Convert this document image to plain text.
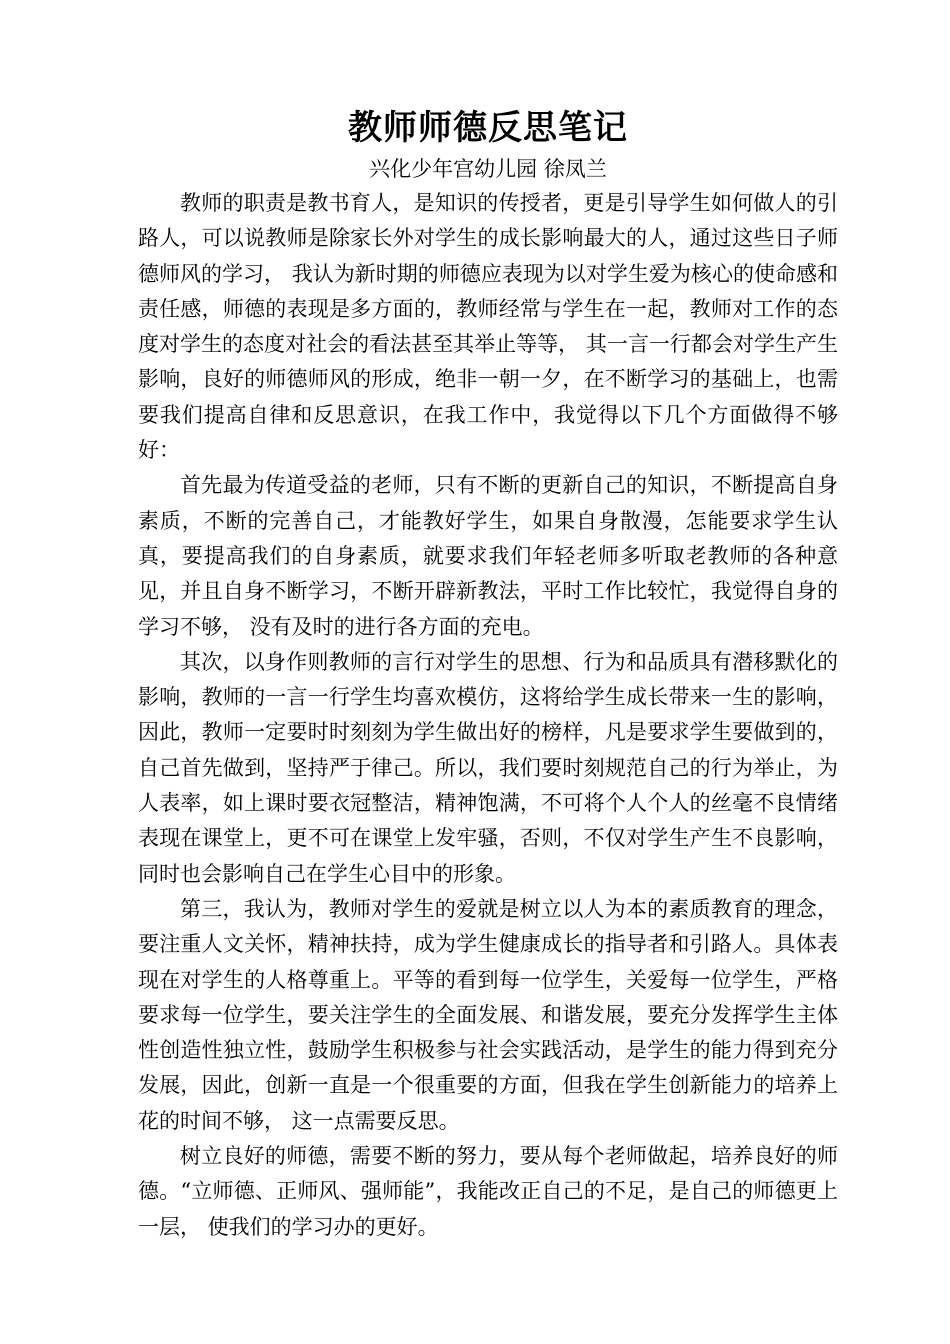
教师师德反思笔记
兴化少年宫幼儿园 徐凤兰

教师的职责是教书育人，是知识的传授者，更是引导学生如何做人的引路人，可以说教师是除家长外对学生的成长影响最大的人，通过这些日子师德师风的学习， 我认为新时期的师德应表现为以对学生爱为核心的使命感和责任感，师德的表现是多方面的，教师经常与学生在一起，教师对工作的态度对学生的态度对社会的看法甚至其举止等等， 其一言一行都会对学生产生影响，良好的师德师风的形成，绝非一朝一夕，在不断学习的基础上，也需要我们提高自律和反思意识，在我工作中，我觉得以下几个方面做得不够好：

首先最为传道受益的老师，只有不断的更新自己的知识，不断提高自身素质，不断的完善自己，才能教好学生，如果自身散漫，怎能要求学生认真，要提高我们的自身素质，就要求我们年轻老师多听取老教师的各种意见，并且自身不断学习，不断开辟新教法，平时工作比较忙，我觉得自身的学习不够， 没有及时的进行各方面的充电。

其次，以身作则教师的言行对学生的思想、行为和品质具有潜移默化的影响，教师的一言一行学生均喜欢模仿，这将给学生成长带来一生的影响，因此，教师一定要时时刻刻为学生做出好的榜样，凡是要求学生要做到的，自己首先做到，坚持严于律己。所以，我们要时刻规范自己的行为举止，为人表率，如上课时要衣冠整洁，精神饱满，不可将个人个人的丝毫不良情绪表现在课堂上，更不可在课堂上发牢骚，否则，不仅对学生产生不良影响， 同时也会影响自己在学生心目中的形象。

第三，我认为，教师对学生的爱就是树立以人为本的素质教育的理念，要注重人文关怀，精神扶持，成为学生健康成长的指导者和引路人。具体表现在对学生的人格尊重上。平等的看到每一位学生，关爱每一位学生，严格要求每一位学生，要关注学生的全面发展、和谐发展，要充分发挥学生主体性创造性独立性，鼓励学生积极参与社会实践活动，是学生的能力得到充分发展，因此，创新一直是一个很重要的方面，但我在学生创新能力的培养上花的时间不够， 这一点需要反思。

树立良好的师德，需要不断的努力，要从每个老师做起，培养良好的师德。“立师德、正师风、强师能”，我能改正自己的不足，是自己的师德更上一层， 使我们的学习办的更好。
